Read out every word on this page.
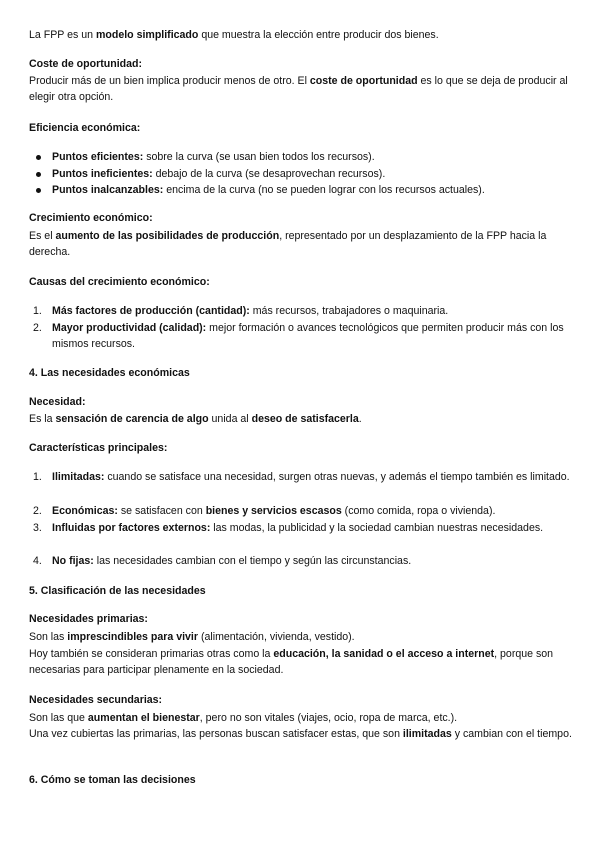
La FPP es un modelo simplificado que muestra la elección entre producir dos bienes.

Coste de oportunidad:

Producir más de un bien implica producir menos de otro. El coste de oportunidad es lo que se deja de producir al elegir otra opción.

Eficiencia económica:

Puntos eficientes: sobre la curva (se usan bien todos los recursos).
Puntos ineficientes: debajo de la curva (se desaprovechan recursos).
Puntos inalcanzables: encima de la curva (no se pueden lograr con los recursos actuales).

Crecimiento económico:

Es el aumento de las posibilidades de producción, representado por un desplazamiento de la FPP hacia la derecha.

Causas del crecimiento económico:

1. Más factores de producción (cantidad): más recursos, trabajadores o maquinaria.
2. Mayor productividad (calidad): mejor formación o avances tecnológicos que permiten producir más con los mismos recursos.

4. Las necesidades económicas

Necesidad:

Es la sensación de carencia de algo unida al deseo de satisfacerla.

Características principales:

1. Ilimitadas: cuando se satisface una necesidad, surgen otras nuevas, y además el tiempo también es limitado.
2. Económicas: se satisfacen con bienes y servicios escasos (como comida, ropa o vivienda).
3. Influidas por factores externos: las modas, la publicidad y la sociedad cambian nuestras necesidades.
4. No fijas: las necesidades cambian con el tiempo y según las circunstancias.

5. Clasificación de las necesidades

Necesidades primarias:

Son las imprescindibles para vivir (alimentación, vivienda, vestido).

Hoy también se consideran primarias otras como la educación, la sanidad o el acceso a internet, porque son necesarias para participar plenamente en la sociedad.

Necesidades secundarias:

Son las que aumentan el bienestar, pero no son vitales (viajes, ocio, ropa de marca, etc.).

Una vez cubiertas las primarias, las personas buscan satisfacer estas, que son ilimitadas y cambian con el tiempo.

6. Cómo se toman las decisiones
